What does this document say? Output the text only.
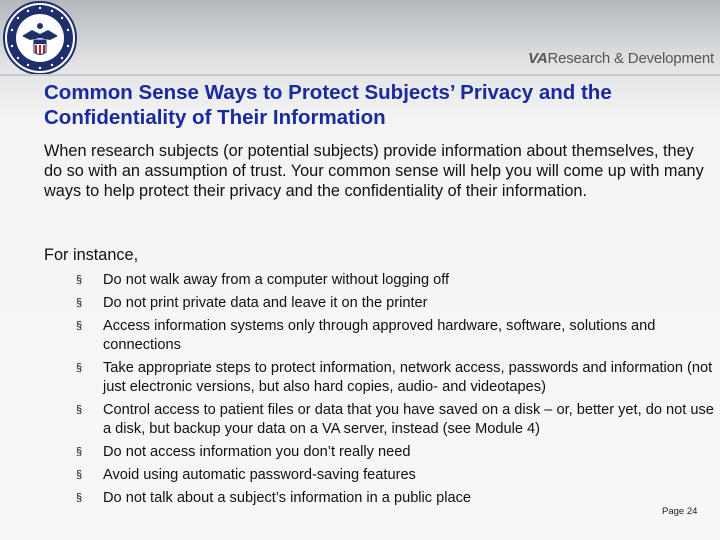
VAResearch & Development
Common Sense Ways to Protect Subjects’ Privacy and the Confidentiality of Their Information

When research subjects (or potential subjects) provide information about themselves, they do so with an assumption of trust. Your common sense will help you will come up with many ways to help protect their privacy and the confidentiality of their information.

For instance,

§ Do not walk away from a computer without logging off
§ Do not print private data and leave it on the printer
§ Access information systems only through approved hardware, software, solutions and connections
§ Take appropriate steps to protect information, network access, passwords and information (not just electronic versions, but also hard copies, audio- and videotapes)
§ Control access to patient files or data that you have saved on a disk – or, better yet, do not use a disk, but backup your data on a VA server, instead (see Module 4)
§ Do not access information you don’t really need
§ Avoid using automatic password-saving features
§ Do not talk about a subject’s information in a public place
Page 24
